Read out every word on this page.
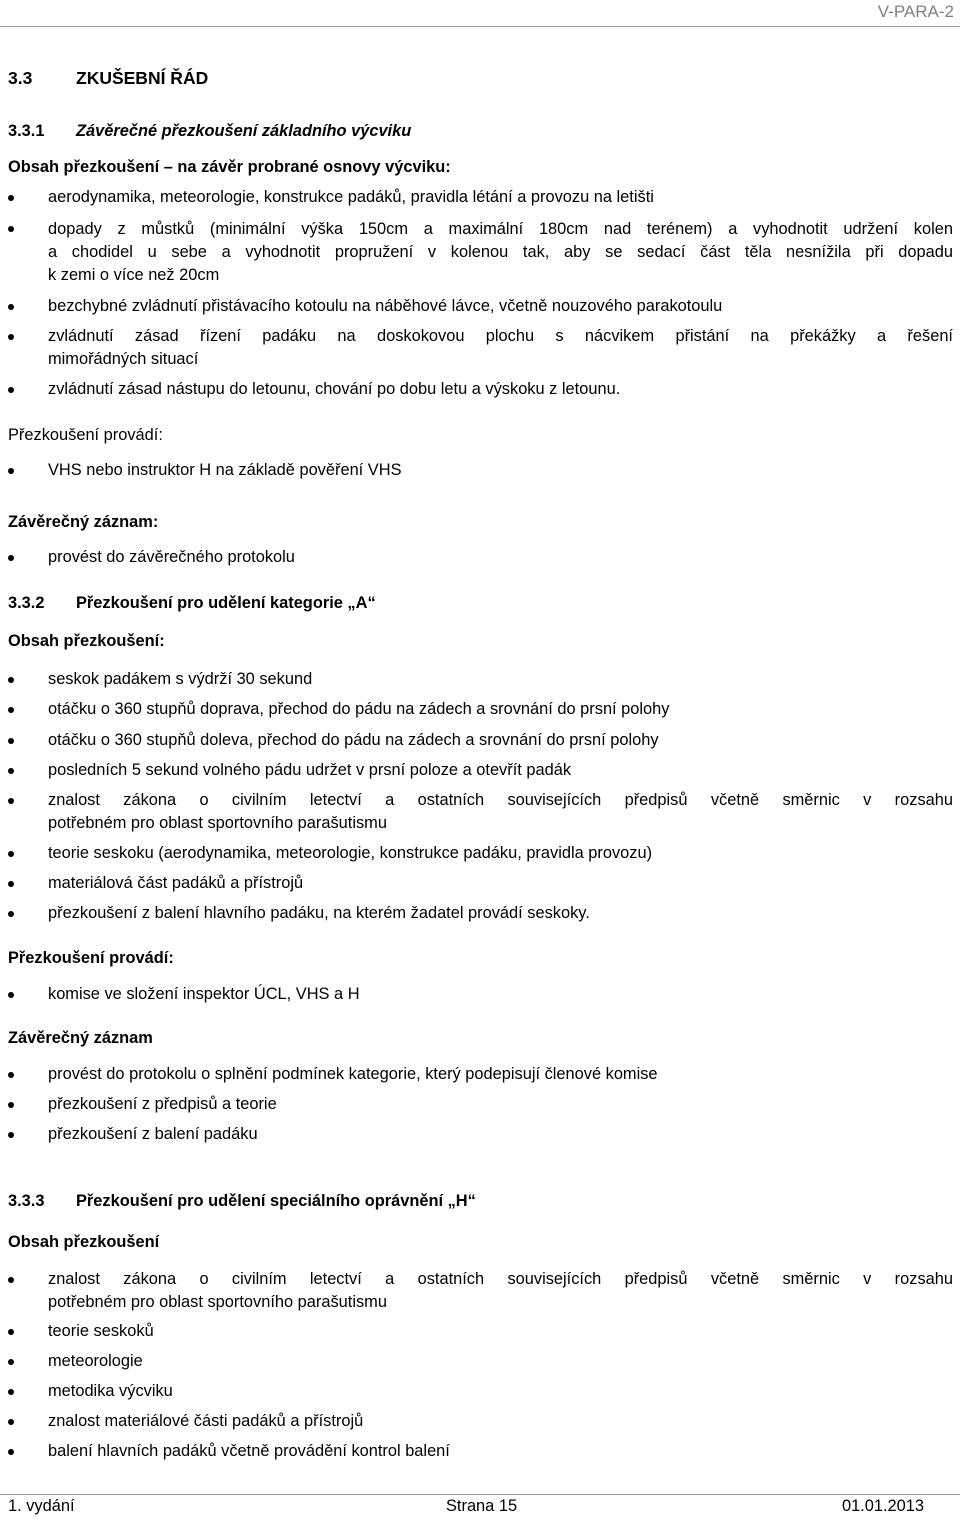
V-PARA-2
3.3 ZKUŠEBNÍ ŘÁD
3.3.1 Závěrečné přezkoušení základního výcviku
Obsah přezkoušení – na závěr probrané osnovy výcviku:
aerodynamika, meteorologie, konstrukce padáků, pravidla létání a provozu na letišti
dopady z můstků (minimální výška 150cm a maximální 180cm nad terénem) a vyhodnotit udržení kolen
a chodidel u sebe a vyhodnotit propružení v kolenou tak, aby se sedací část těla nesnížila při dopadu
k zemi o více než 20cm
bezchybné zvládnutí přistávacího kotoulu na náběhové lávce, včetně nouzového parakotoulu
zvládnutí zásad řízení padáku na doskokovou plochu s nácvikem přistání na překážky a řešení
mimořádných situací
zvládnutí zásad nástupu do letounu, chování po dobu letu a výskoku z letounu.
Přezkoušení provádí:
VHS nebo instruktor H na základě pověření VHS
Závěrečný záznam:
provést do závěrečného protokolu
3.3.2 Přezkoušení pro udělení kategorie „A“
Obsah přezkoušení:
seskok padákem s výdrží 30 sekund
otáčku o 360 stupňů doprava, přechod do pádu na zádech a srovnání do prsní polohy
otáčku o 360 stupňů doleva, přechod do pádu na zádech a srovnání do prsní polohy
posledních 5 sekund volného pádu udržet v prsní poloze a otevřít padák
znalost zákona o civilním letectví a ostatních souvisejících předpisů včetně směrnic v rozsahu
potřebném pro oblast sportovního parašutismu
teorie seskoku (aerodynamika, meteorologie, konstrukce padáku, pravidla provozu)
materiálová část padáků a přístrojů
přezkoušení z balení hlavního padáku, na kterém žadatel provádí seskoky.
Přezkoušení provádí:
komise ve složení inspektor ÚCL, VHS a H
Závěrečný záznam
provést do protokolu o splnění podmínek kategorie, který podepisují členové komise
přezkoušení z předpisů a teorie
přezkoušení z balení padáku
3.3.3 Přezkoušení pro udělení speciálního oprávnění „H“
Obsah přezkoušení
znalost zákona o civilním letectví a ostatních souvisejících předpisů včetně směrnic v rozsahu
potřebném pro oblast sportovního parašutismu
teorie seskoků
meteorologie
metodika výcviku
znalost materiálové části padáků a přístrojů
balení hlavních padáků včetně provádění kontrol balení
1. vydání	Strana 15	01.01.2013
